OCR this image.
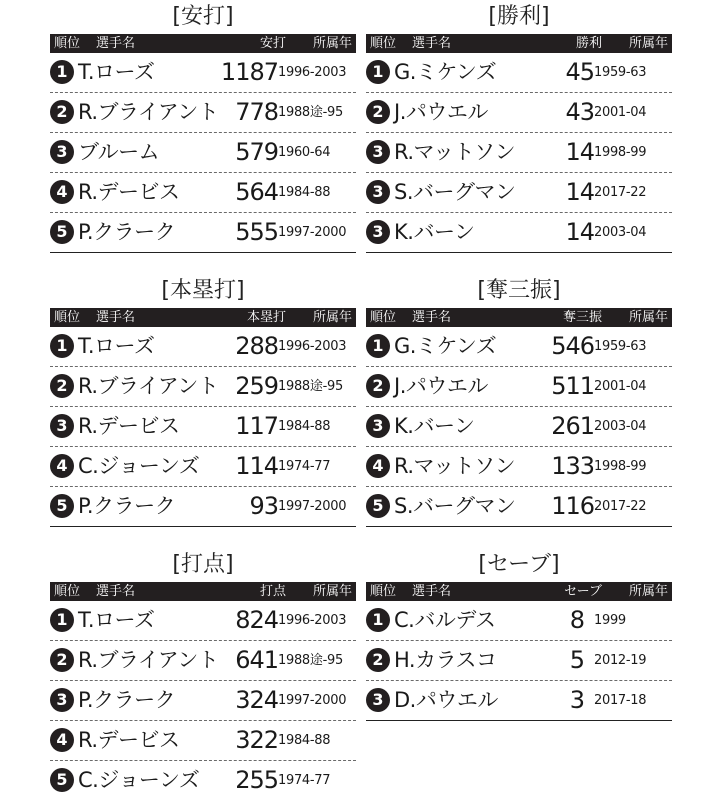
[安打]
順位 選手名	安打 所属年
1 T.ローズ	1187 1996-2003
2 R.ブライアント 778 1988途-95
3 ブルーム	579 1960-64
4 R.デービス 564 1984-88
5 P.クラーク	555 1997-2000
[勝利]
順位 選手名	勝利 所属年
1 G.ミケンズ	45 1959-63
2 J.パウエル	43 2001-04
3 R.マットソン 14 1998-99
3 S.バーグマン 14 2017-22
3 K.バーン	14 2003-04
[本塁打]
順位 選手名	本塁打 所属年
1 T.ローズ	288 1996-2003
2 R.ブライアント 259 1988途-95
3 R.デービス 117 1984-88
4 C.ジョーンズ 114 1974-77
5 P.クラーク	93 1997-2000
[奪三振]
順位 選手名	奪三振 所属年
1 G.ミケンズ 546 1959-63
2 J.パウエル	511 2001-04
3 K.バーン	261 2003-04
4 R.マットソン 133 1998-99
5 S.バーグマン 116 2017-22
[打点]
順位 選手名	打点 所属年
1 T.ローズ	824 1996-2003
2 R.ブライアント 641 1988途-95
3 P.クラーク	324 1997-2000
4 R.デービス 322 1984-88
5 C.ジョーンズ 255 1974-77
[セーブ]
順位 選手名	セーブ 所属年
1 C.バルデス	8 1999
2 H.カラスコ	5 2012-19
3 D.パウエル	3 2017-18
